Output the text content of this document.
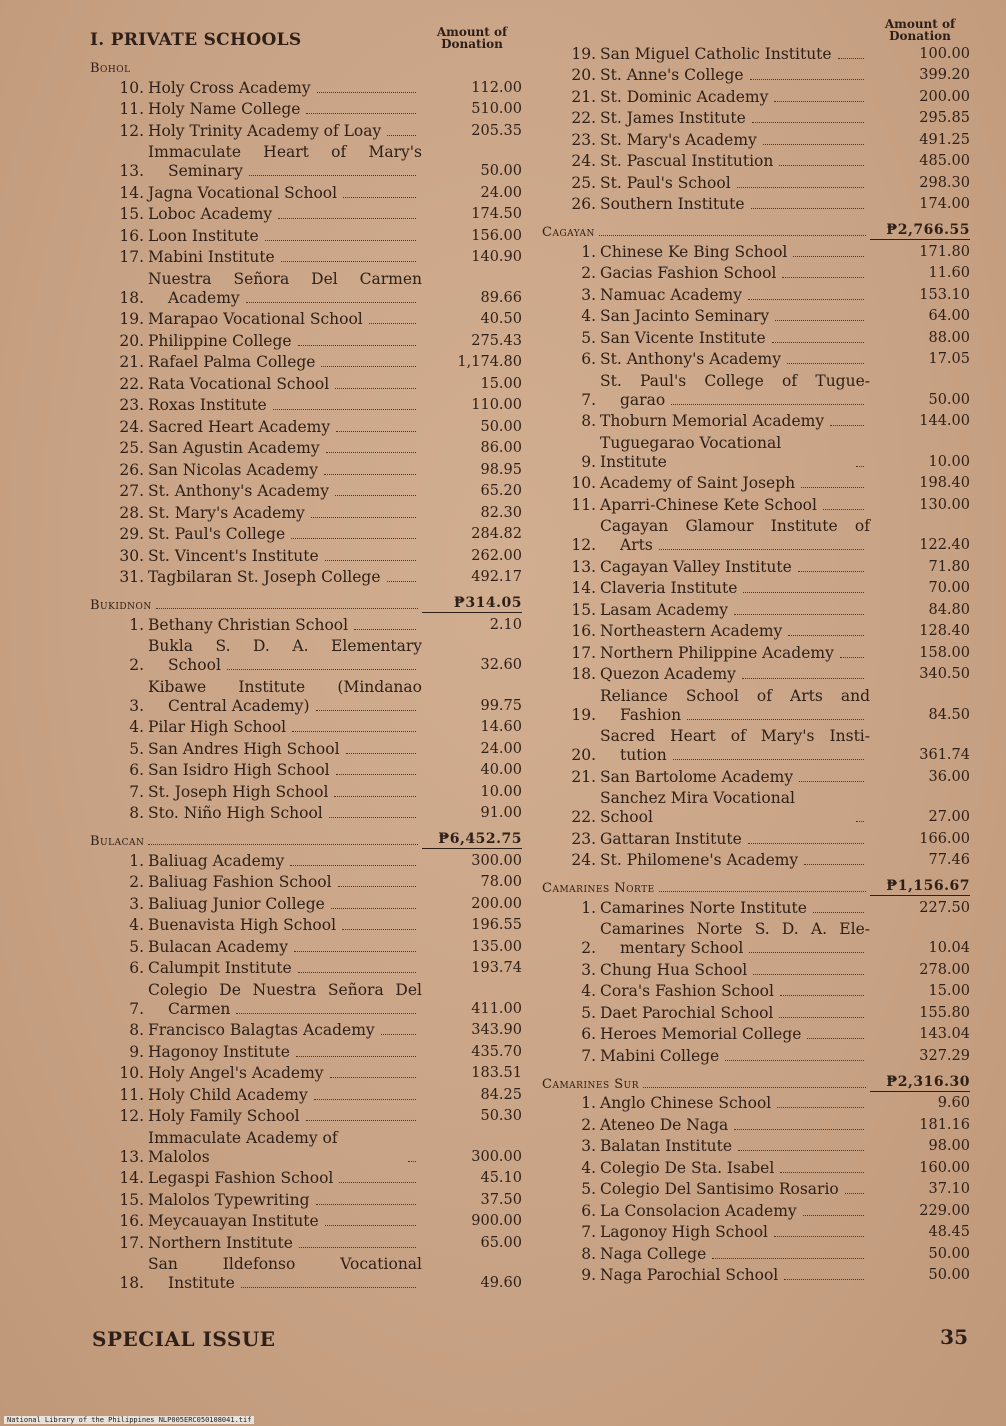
I. PRIVATE SCHOOLS	Amount of Donation
Bohol
10. Holy Cross Academy	112.00
11. Holy Name College	510.00
12. Holy Trinity Academy of Loay	205.35
13.
Immaculate Heart of Mary's
Seminary	50.00
14. Jagna Vocational School	24.00
15. Loboc Academy	174.50
16. Loon Institute	156.00
17. Mabini Institute	140.90
18.
Nuestra Señora Del Carmen
Academy	89.66
19. Marapao Vocational School	40.50
20. Philippine College	275.43
21. Rafael Palma College	1,174.80
22. Rata Vocational School	15.00
23. Roxas Institute	110.00
24. Sacred Heart Academy	50.00
25. San Agustin Academy	86.00
26. San Nicolas Academy	98.95
27. St. Anthony's Academy	65.20
28. St. Mary's Academy	82.30
29. St. Paul's College	284.82
30. St. Vincent's Institute	262.00
31. Tagbilaran St. Joseph College	492.17
Bukidnon	₱314.05
1. Bethany Christian School	2.10
2.
Bukla S. D. A. Elementary
School	32.60
3.
Kibawe Institute (Mindanao
Central Academy)	99.75
4. Pilar High School	14.60
5. San Andres High School	24.00
6. San Isidro High School	40.00
7. St. Joseph High School	10.00
8. Sto. Niño High School	91.00
Bulacan	₱6,452.75
1. Baliuag Academy	300.00
2. Baliuag Fashion School	78.00
3. Baliuag Junior College	200.00
4. Buenavista High School	196.55
5. Bulacan Academy	135.00
6. Calumpit Institute	193.74
7.
Colegio De Nuestra Señora Del
Carmen	411.00
8. Francisco Balagtas Academy	343.90
9. Hagonoy Institute	435.70
10. Holy Angel's Academy	183.51
11. Holy Child Academy	84.25
12. Holy Family School	50.30
13.
Immaculate Academy of Malolos	300.00
14. Legaspi Fashion School	45.10
15. Malolos Typewriting	37.50
16. Meycauayan Institute	900.00
17. Northern Institute	65.00
18.
San Ildefonso Vocational
Institute	49.60
Amount of Donation
19. San Miguel Catholic Institute	100.00
20. St. Anne's College	399.20
21. St. Dominic Academy	200.00
22. St. James Institute	295.85
23. St. Mary's Academy	491.25
24. St. Pascual Institution	485.00
25. St. Paul's School	298.30
26. Southern Institute	174.00
Cagayan	₱2,766.55
1. Chinese Ke Bing School	171.80
2. Gacias Fashion School	11.60
3. Namuac Academy	153.10
4. San Jacinto Seminary	64.00
5. San Vicente Institute	88.00
6. St. Anthony's Academy	17.05
7.
St. Paul's College of Tugue-
garao	50.00
8. Thoburn Memorial Academy	144.00
9.
Tuguegarao Vocational Institute	10.00
10. Academy of Saint Joseph	198.40
11. Aparri-Chinese Kete School	130.00
12.
Cagayan Glamour Institute of
Arts	122.40
13. Cagayan Valley Institute	71.80
14. Claveria Institute	70.00
15. Lasam Academy	84.80
16. Northeastern Academy	128.40
17. Northern Philippine Academy	158.00
18. Quezon Academy	340.50
19.
Reliance School of Arts and
Fashion	84.50
20.
Sacred Heart of Mary's Insti-
tution	361.74
21. San Bartolome Academy	36.00
22.
Sanchez Mira Vocational School	27.00
23. Gattaran Institute	166.00
24. St. Philomene's Academy	77.46
Camarines Norte	₱1,156.67
1. Camarines Norte Institute	227.50
2.
Camarines Norte S. D. A. Ele-
mentary School	10.04
3. Chung Hua School	278.00
4. Cora's Fashion School	15.00
5. Daet Parochial School	155.80
6. Heroes Memorial College	143.04
7. Mabini College	327.29
Camarines Sur	₱2,316.30
1. Anglo Chinese School	9.60
2. Ateneo De Naga	181.16
3. Balatan Institute	98.00
4. Colegio De Sta. Isabel	160.00
5. Colegio Del Santisimo Rosario	37.10
6. La Consolacion Academy	229.00
7. Lagonoy High School	48.45
8. Naga College	50.00
9. Naga Parochial School	50.00
SPECIAL ISSUE	35
National Library of the Philippines NLP005ERC050108041.tif
